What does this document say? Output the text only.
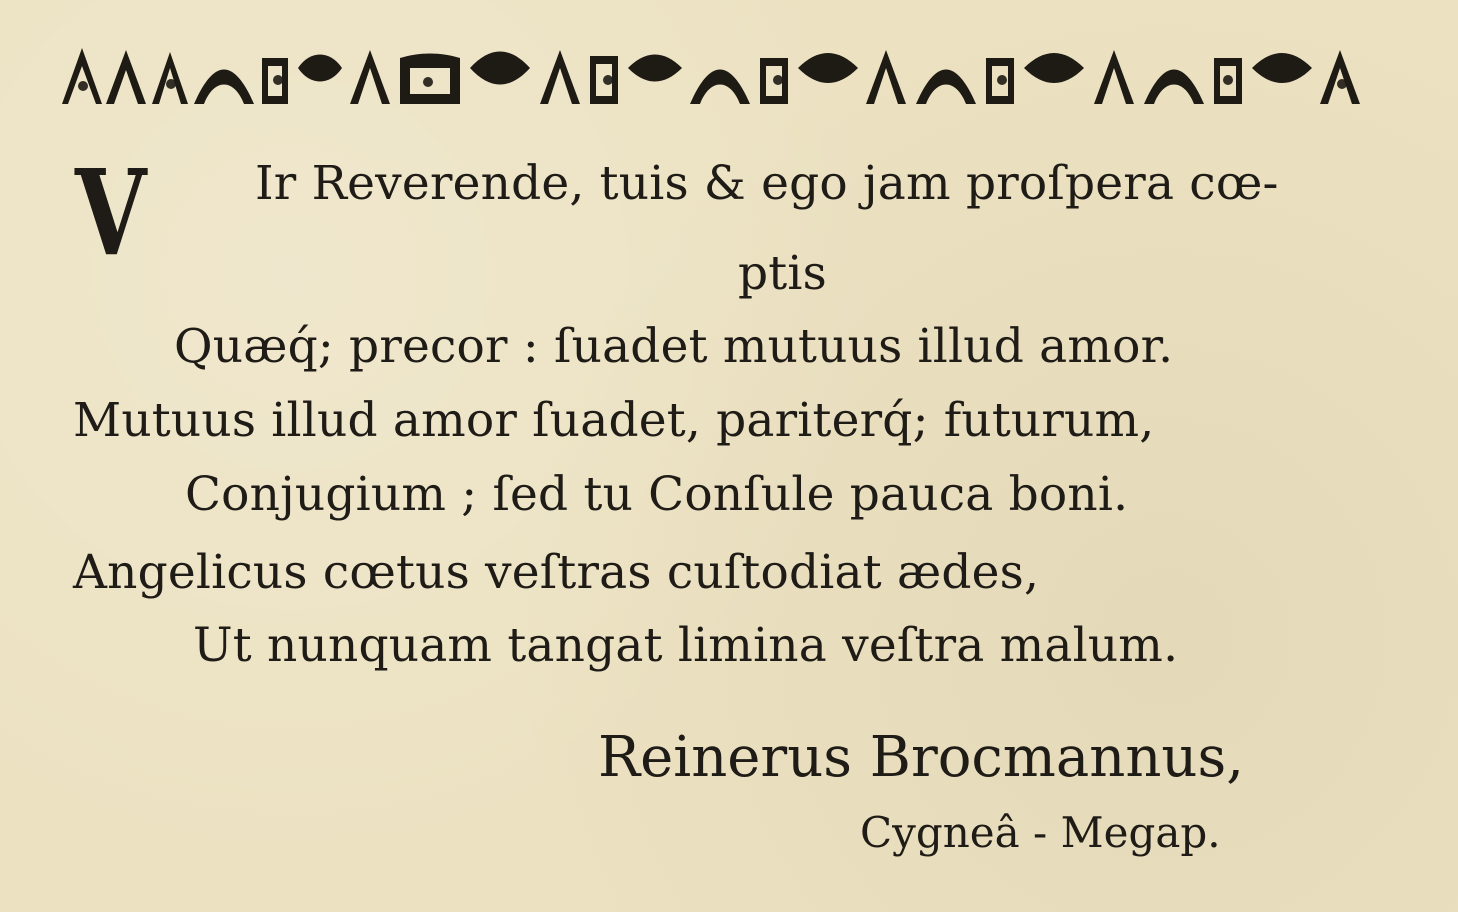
V Ir Reverende, tuis & ego jam proſpera cœ-
ptis
Quæq́; precor : ſuadet mutuus illud amor.
Mutuus illud amor ſuadet, pariterq́; futurum,
Conjugium ; ſed tu Conſule pauca boni.
Angelicus cœtus veſtras cuſtodiat ædes,
Ut nunquam tangat limina veſtra malum.
Reinerus Brocmannus,
Cygneâ - Megap.
